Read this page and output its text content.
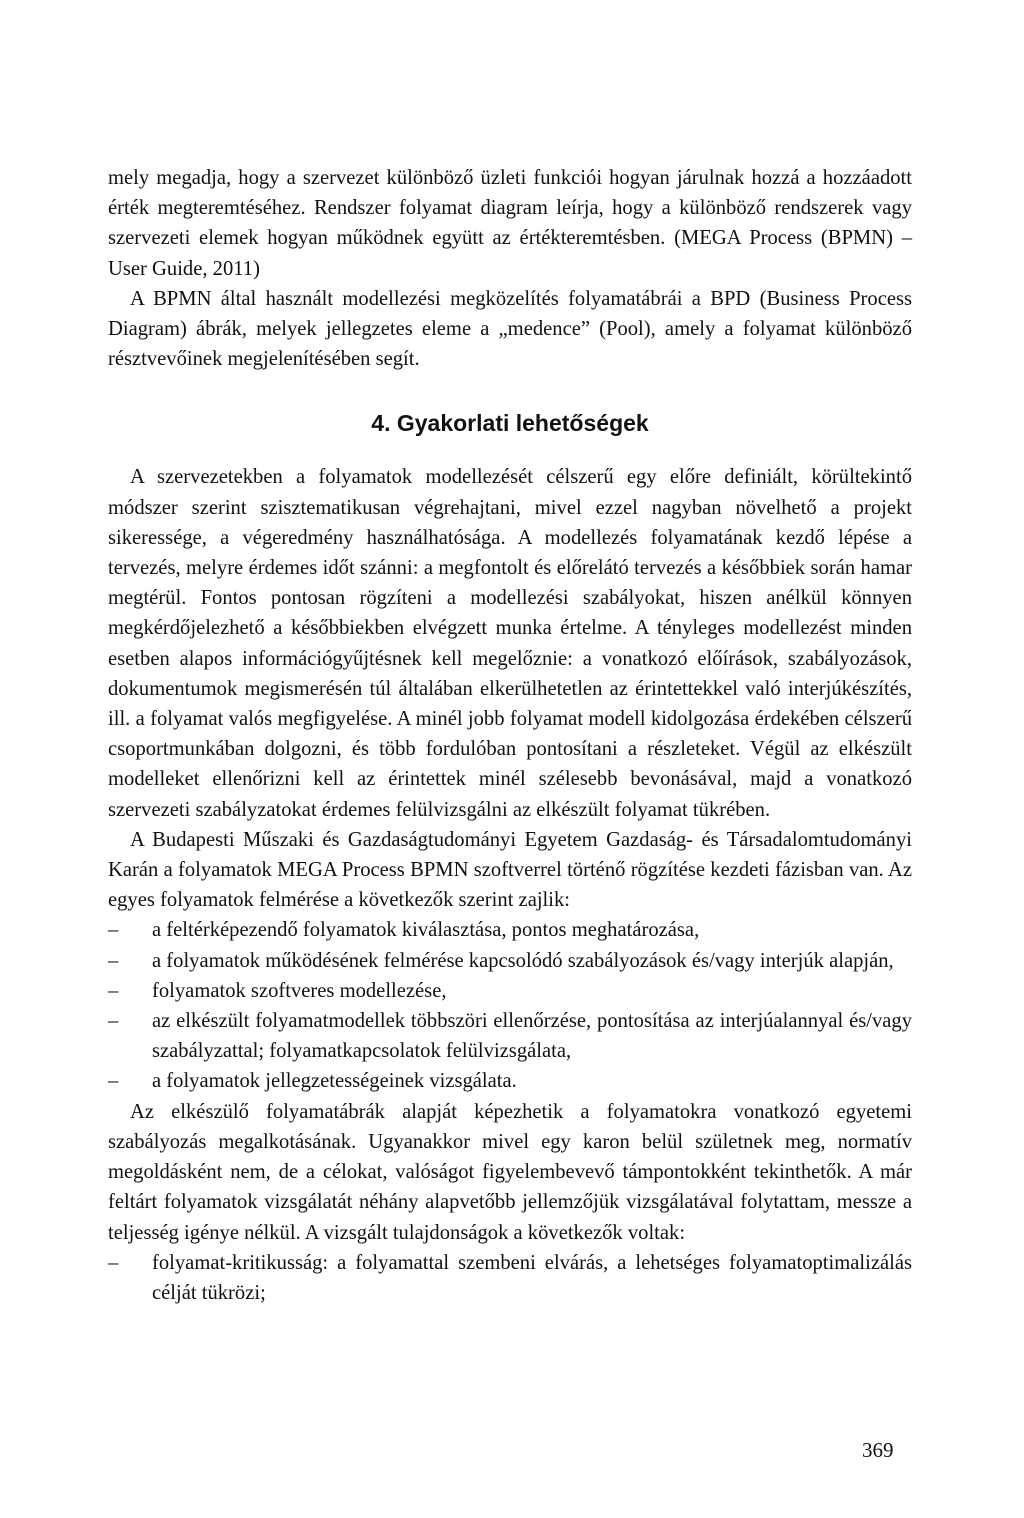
mely megadja, hogy a szervezet különböző üzleti funkciói hogyan járulnak hozzá a hozzáadott érték megteremtéséhez. Rendszer folyamat diagram leírja, hogy a különböző rendszerek vagy szervezeti elemek hogyan működnek együtt az értékteremtésben. (MEGA Process (BPMN) – User Guide, 2011)

A BPMN által használt modellezési megközelítés folyamatábrái a BPD (Business Process Diagram) ábrák, melyek jellegzetes eleme a „medence” (Pool), amely a folyamat különböző résztvevőinek megjelenítésében segít.

4. Gyakorlati lehetőségek

A szervezetekben a folyamatok modellezését célszerű egy előre definiált, körültekintő módszer szerint szisztematikusan végrehajtani, mivel ezzel nagyban növelhető a projekt sikeressége, a végeredmény használhatósága. A modellezés folyamatának kezdő lépése a tervezés, melyre érdemes időt szánni: a megfontolt és előrelátó tervezés a későbbiek során hamar megtérül. Fontos pontosan rögzíteni a modellezési szabályokat, hiszen anélkül könnyen megkérdőjelezhető a későbbiekben elvégzett munka értelme. A tényleges modellezést minden esetben alapos információgyűjtésnek kell megelőznie: a vonatkozó előírások, szabályozások, dokumentumok megismerésén túl általában elkerülhetetlen az érintettekkel való interjúkészítés, ill. a folyamat valós megfigyelése. A minél jobb folyamat modell kidolgozása érdekében célszerű csoportmunkában dolgozni, és több fordulóban pontosítani a részleteket. Végül az elkészült modelleket ellenőrizni kell az érintettek minél szélesebb bevonásával, majd a vonatkozó szervezeti szabályzatokat érdemes felülvizsgálni az elkészült folyamat tükrében.

A Budapesti Műszaki és Gazdaságtudományi Egyetem Gazdaság- és Társadalomtudományi Karán a folyamatok MEGA Process BPMN szoftverrel történő rögzítése kezdeti fázisban van. Az egyes folyamatok felmérése a következők szerint zajlik:

– a feltérképezendő folyamatok kiválasztása, pontos meghatározása,
– a folyamatok működésének felmérése kapcsolódó szabályozások és/vagy interjúk alapján,
– folyamatok szoftveres modellezése,
– az elkészült folyamatmodellek többszöri ellenőrzése, pontosítása az interjúalannyal és/vagy szabályzattal; folyamatkapcsolatok felülvizsgálata,
– a folyamatok jellegzetességeinek vizsgálata.

Az elkészülő folyamatábrák alapját képezhetik a folyamatokra vonatkozó egyetemi szabályozás megalkotásának. Ugyanakkor mivel egy karon belül születnek meg, normatív megoldásként nem, de a célokat, valóságot figyelembevevő támpontokként tekinthetők. A már feltárt folyamatok vizsgálatát néhány alapvetőbb jellemzőjük vizsgálatával folytattam, messze a teljesség igénye nélkül. A vizsgált tulajdonságok a következők voltak:

– folyamat-kritikusság: a folyamattal szembeni elvárás, a lehetséges folyamatoptimalizálás célját tükrözi;
369
